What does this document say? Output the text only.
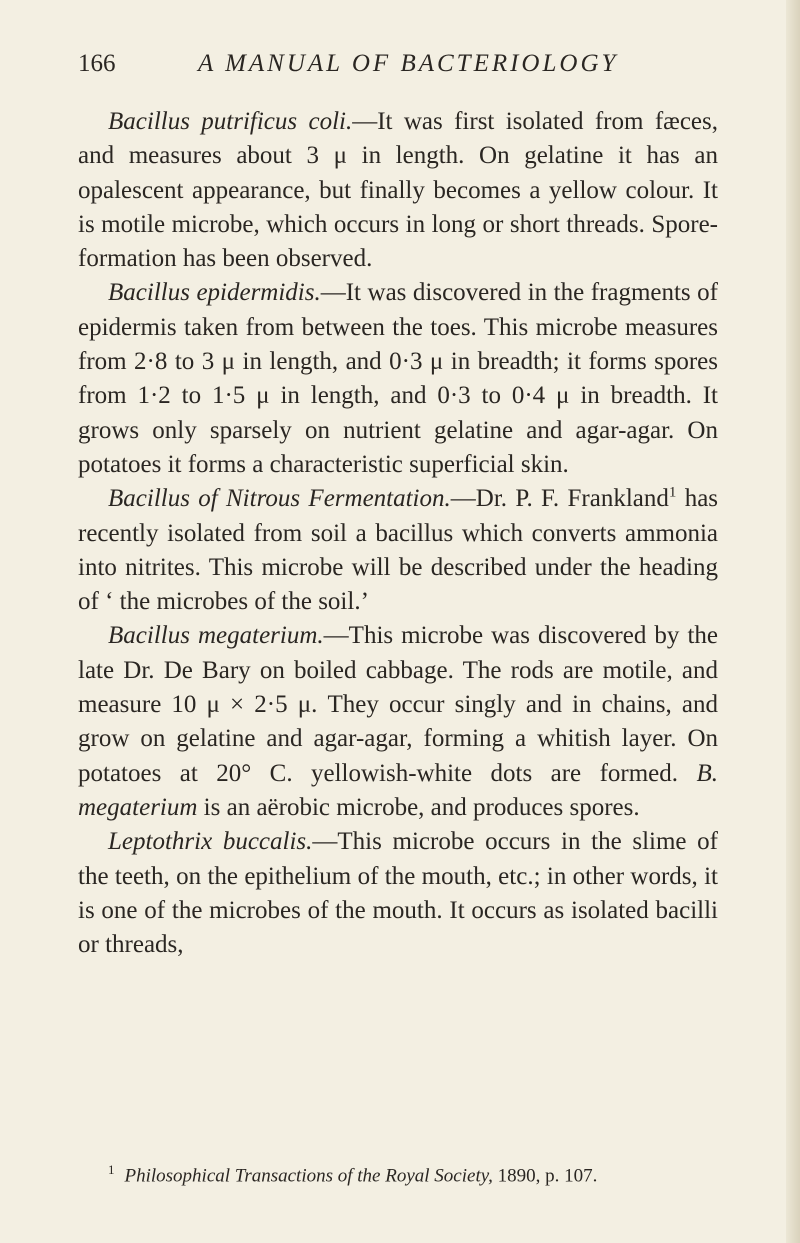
166	A MANUAL OF BACTERIOLOGY

Bacillus putrificus coli.—It was first isolated from fæces, and measures about 3 μ in length. On gelatine it has an opalescent appearance, but finally becomes a yellow colour. It is motile microbe, which occurs in long or short threads. Spore-formation has been observed.

Bacillus epidermidis.—It was discovered in the fragments of epidermis taken from between the toes. This microbe measures from 2·8 to 3 μ in length, and 0·3 μ in breadth; it forms spores from 1·2 to 1·5 μ in length, and 0·3 to 0·4 μ in breadth. It grows only sparsely on nutrient gelatine and agar-agar. On potatoes it forms a characteristic superficial skin.

Bacillus of Nitrous Fermentation.—Dr. P. F. Frankland$^1$ has recently isolated from soil a bacillus which converts ammonia into nitrites. This microbe will be described under the heading of ‘ the microbes of the soil.’

Bacillus megaterium.—This microbe was discovered by the late Dr. De Bary on boiled cabbage. The rods are motile, and measure 10 μ × 2·5 μ. They occur singly and in chains, and grow on gelatine and agar-agar, forming a whitish layer. On potatoes at 20° C. yellowish-white dots are formed. B. megaterium is an aërobic microbe, and produces spores.

Leptothrix buccalis.—This microbe occurs in the slime of the teeth, on the epithelium of the mouth, etc.; in other words, it is one of the microbes of the mouth. It occurs as isolated bacilli or threads,

$^1$ Philosophical Transactions of the Royal Society, 1890, p. 107.
